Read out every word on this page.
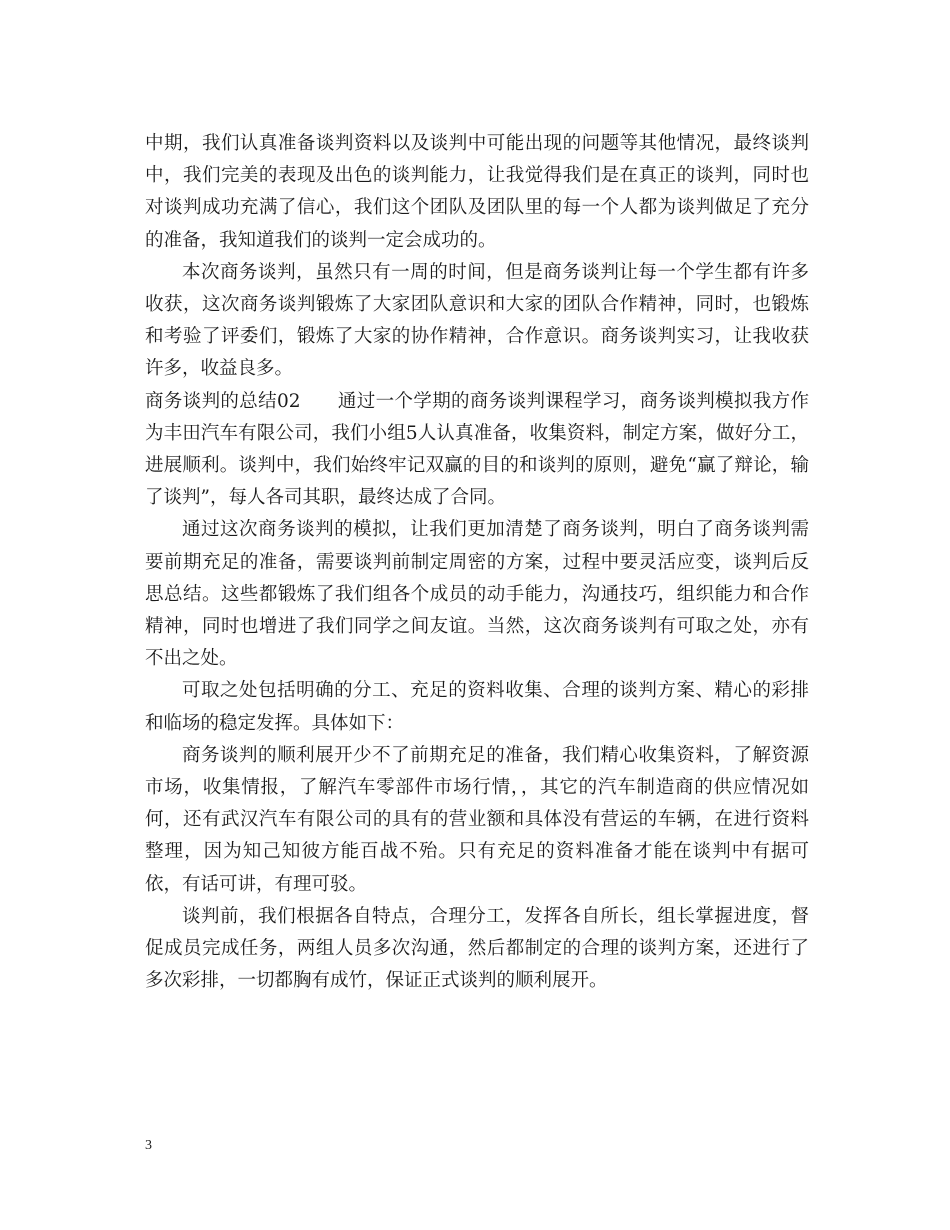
中期，我们认真准备谈判资料以及谈判中可能出现的问题等其他情况，最终谈判中，我们完美的表现及出色的谈判能力，让我觉得我们是在真正的谈判，同时也对谈判成功充满了信心，我们这个团队及团队里的每一个人都为谈判做足了充分的准备，我知道我们的谈判一定会成功的。

本次商务谈判，虽然只有一周的时间，但是商务谈判让每一个学生都有许多收获，这次商务谈判锻炼了大家团队意识和大家的团队合作精神，同时，也锻炼和考验了评委们，锻炼了大家的协作精神，合作意识。商务谈判实习，让我收获许多，收益良多。

商务谈判的总结02 通过一个学期的商务谈判课程学习，商务谈判模拟我方作为丰田汽车有限公司，我们小组5人认真准备，收集资料，制定方案，做好分工，进展顺利。谈判中，我们始终牢记双赢的目的和谈判的原则，避免“赢了辩论，输了谈判”，每人各司其职，最终达成了合同。

通过这次商务谈判的模拟，让我们更加清楚了商务谈判，明白了商务谈判需要前期充足的准备，需要谈判前制定周密的方案，过程中要灵活应变，谈判后反思总结。这些都锻炼了我们组各个成员的动手能力，沟通技巧，组织能力和合作精神，同时也增进了我们同学之间友谊。当然，这次商务谈判有可取之处，亦有不出之处。

可取之处包括明确的分工、充足的资料收集、合理的谈判方案、精心的彩排和临场的稳定发挥。具体如下：

商务谈判的顺利展开少不了前期充足的准备，我们精心收集资料，了解资源市场，收集情报，了解汽车零部件市场行情，，其它的汽车制造商的供应情况如何，还有武汉汽车有限公司的具有的营业额和具体没有营运的车辆，在进行资料整理，因为知己知彼方能百战不殆。只有充足的资料准备才能在谈判中有据可依，有话可讲，有理可驳。

谈判前，我们根据各自特点，合理分工，发挥各自所长，组长掌握进度，督促成员完成任务，两组人员多次沟通，然后都制定的合理的谈判方案，还进行了多次彩排，一切都胸有成竹，保证正式谈判的顺利展开。

3
